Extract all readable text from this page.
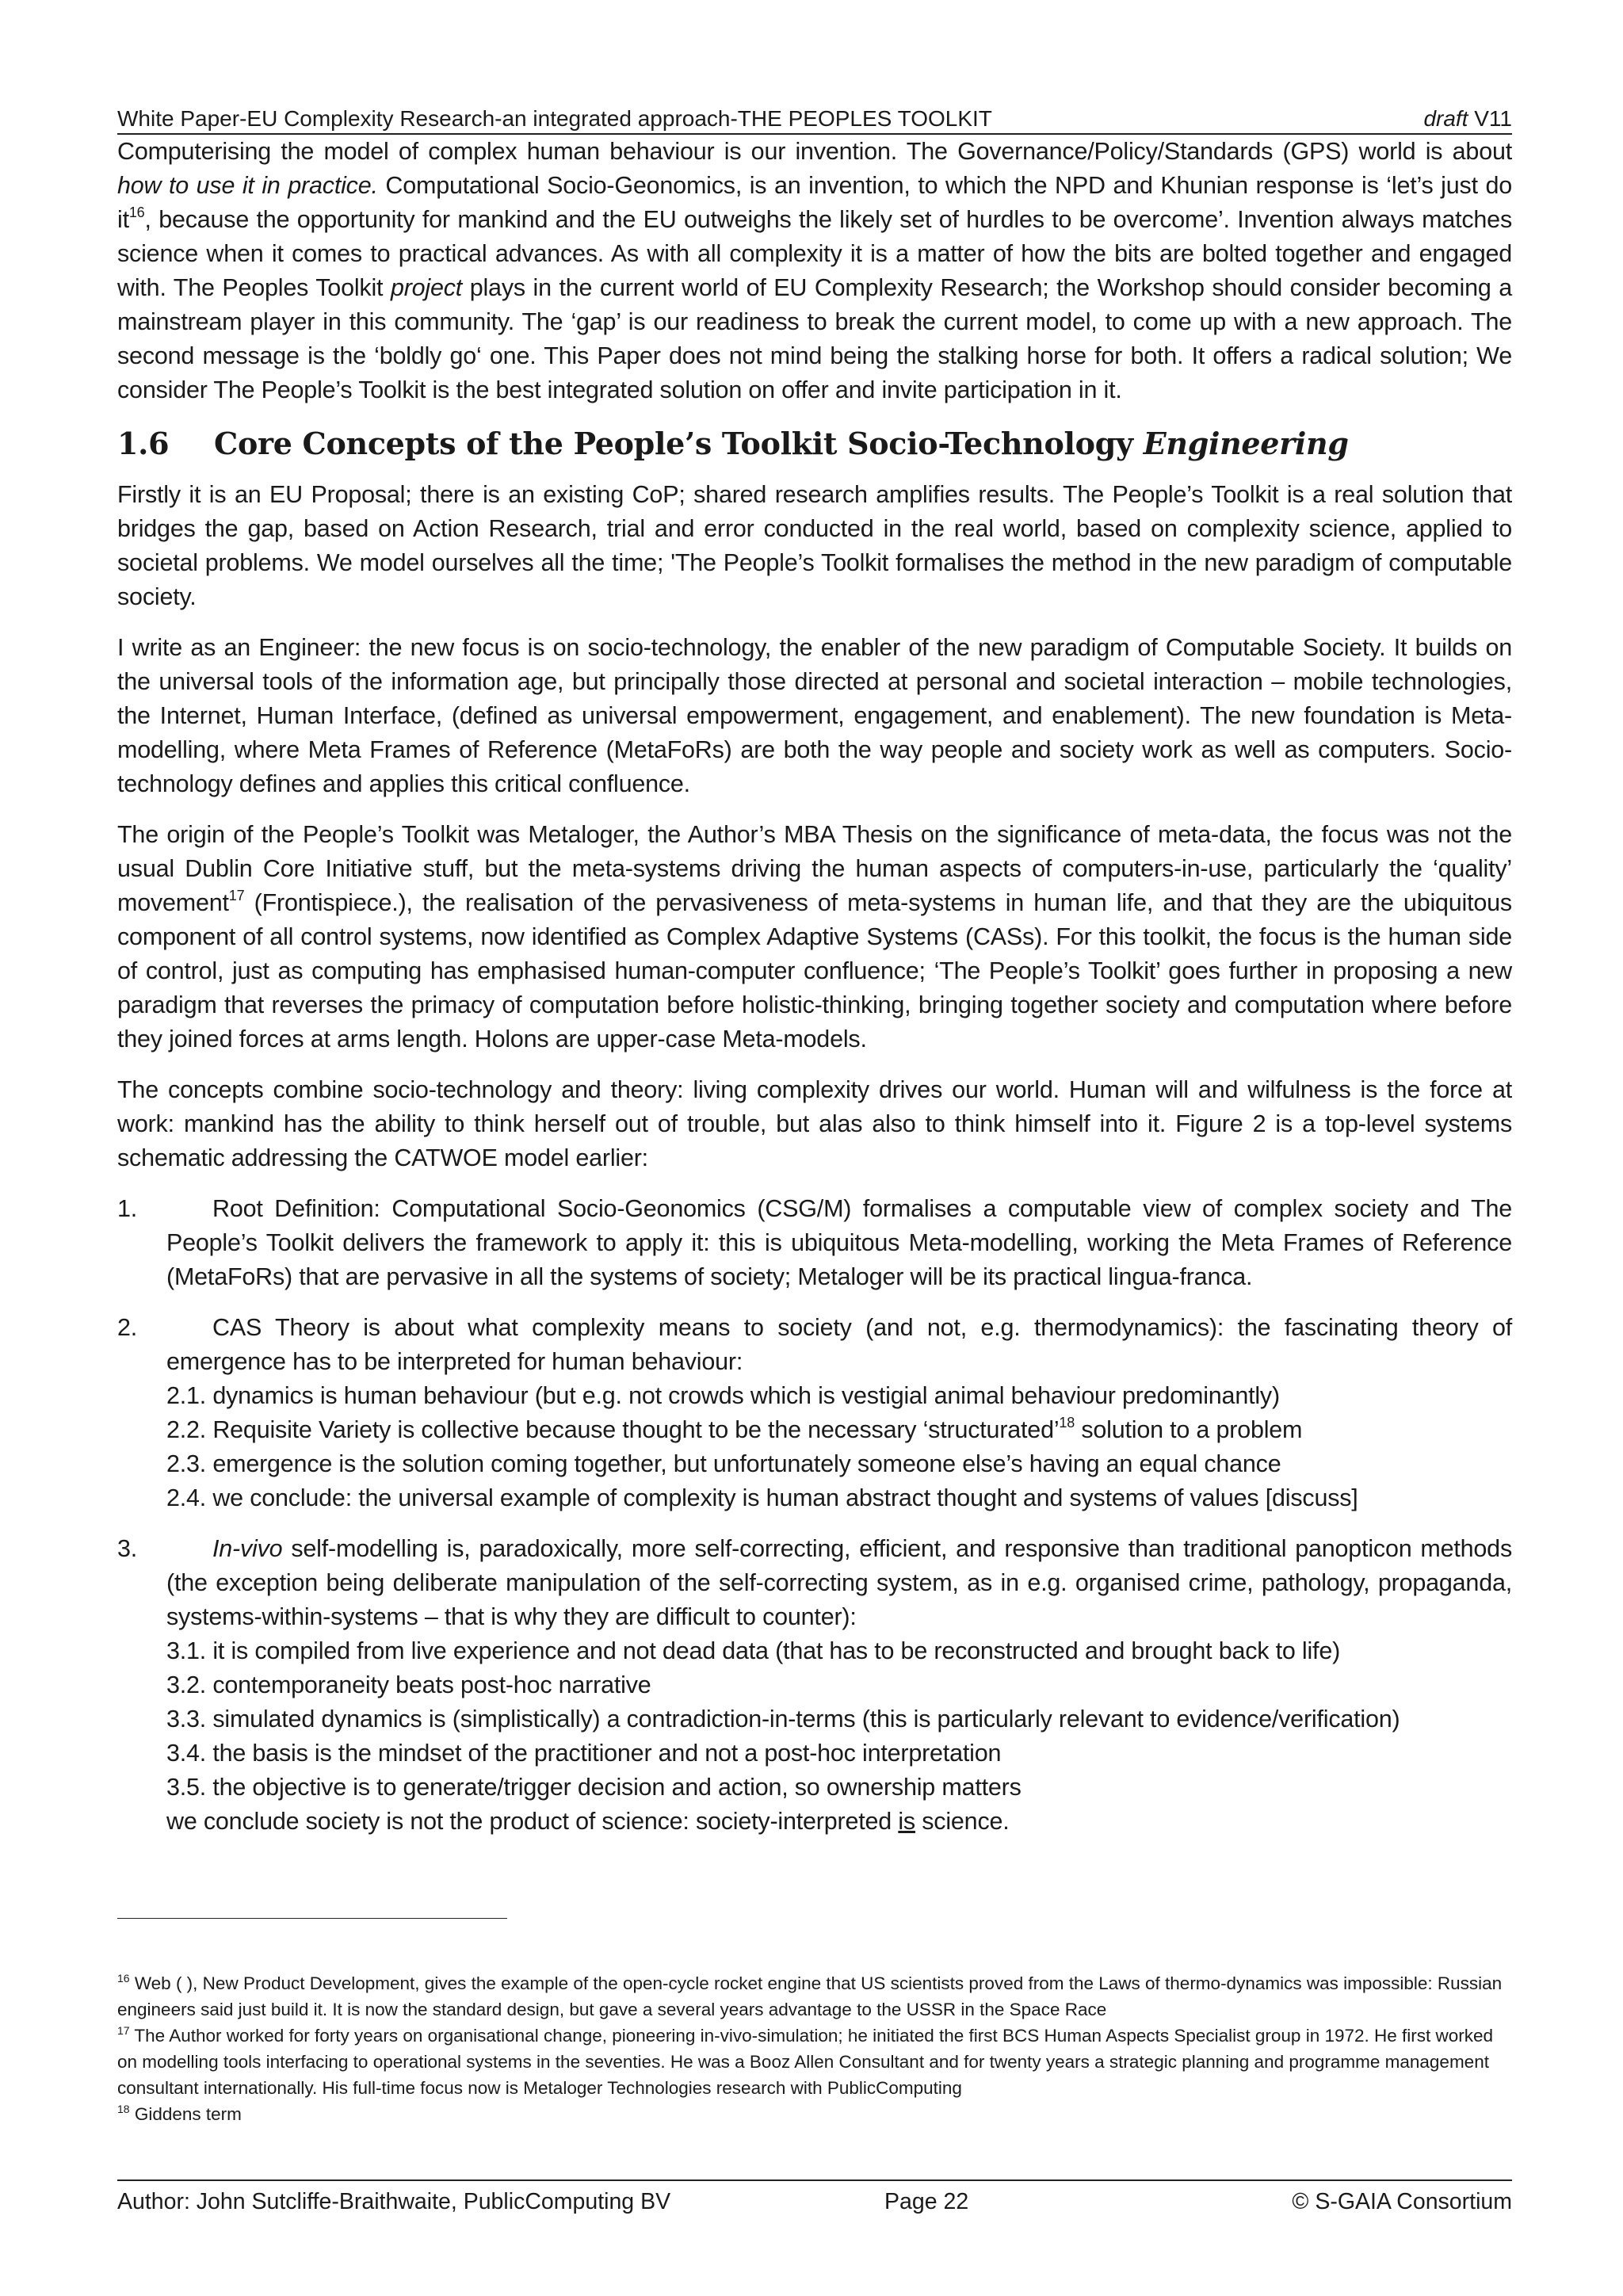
White Paper-EU Complexity Research-an integrated approach-THE PEOPLES TOOLKIT	draft V11

Computerising the model of complex human behaviour is our invention. The Governance/Policy/Standards (GPS) world is about how to use it in practice. Computational Socio-Geonomics, is an invention, to which the NPD and Khunian response is ‘let’s just do $it^{16}$, because the opportunity for mankind and the EU outweighs the likely set of hurdles to be overcome’. Invention always matches science when it comes to practical advances. As with all complexity it is a matter of how the bits are bolted together and engaged with. The Peoples Toolkit project plays in the current world of EU Complexity Research; the Workshop should consider becoming a mainstream player in this community. The ‘gap’ is our readiness to break the current model, to come up with a new approach. The second message is the ‘boldly go‘ one. This Paper does not mind being the stalking horse for both. It offers a radical solution; We consider The People’s Toolkit is the best integrated solution on offer and invite participation in it.

1.6 Core Concepts of the People’s Toolkit Socio-Technology Engineering

Firstly it is an EU Proposal; there is an existing CoP; shared research amplifies results. The People’s Toolkit is a real solution that bridges the gap, based on Action Research, trial and error conducted in the real world, based on complexity science, applied to societal problems. We model ourselves all the time; 'The People’s Toolkit formalises the method in the new paradigm of computable society.

I write as an Engineer: the new focus is on socio-technology, the enabler of the new paradigm of Computable Society. It builds on the universal tools of the information age, but principally those directed at personal and societal interaction – mobile technologies, the Internet, Human Interface, (defined as universal empowerment, engagement, and enablement). The new foundation is Meta-modelling, where Meta Frames of Reference (MetaFoRs) are both the way people and society work as well as computers. Socio-technology defines and applies this critical confluence.

The origin of the People’s Toolkit was Metaloger, the Author’s MBA Thesis on the significance of meta-data, the focus was not the usual Dublin Core Initiative stuff, but the meta-systems driving the human aspects of computers-in-use, particularly the ‘quality’ movement$^{17}$ (Frontispiece.), the realisation of the pervasiveness of meta-systems in human life, and that they are the ubiquitous component of all control systems, now identified as Complex Adaptive Systems (CASs). For this toolkit, the focus is the human side of control, just as computing has emphasised human-computer confluence; ‘The People’s Toolkit’ goes further in proposing a new paradigm that reverses the primacy of computation before holistic-thinking, bringing together society and computation where before they joined forces at arms length. Holons are upper-case Meta-models.

The concepts combine socio-technology and theory: living complexity drives our world. Human will and wilfulness is the force at work: mankind has the ability to think herself out of trouble, but alas also to think himself into it. Figure 2 is a top-level systems schematic addressing the CATWOE model earlier:

1.	Root Definition: Computational Socio-Geonomics (CSG/M) formalises a computable view of complex society and The People’s Toolkit delivers the framework to apply it: this is ubiquitous Meta-modelling, working the Meta Frames of Reference (MetaFoRs) that are pervasive in all the systems of society; Metaloger will be its practical lingua-franca.
2.	CAS Theory is about what complexity means to society (and not, e.g. thermodynamics): the fascinating theory of emergence has to be interpreted for human behaviour:
2.1. dynamics is human behaviour (but e.g. not crowds which is vestigial animal behaviour predominantly)
2.2. Requisite Variety is collective because thought to be the necessary ‘structurated’$^{18}$ solution to a problem
2.3. emergence is the solution coming together, but unfortunately someone else’s having an equal chance
2.4. we conclude: the universal example of complexity is human abstract thought and systems of values [discuss]
3.	In-vivo self-modelling is, paradoxically, more self-correcting, efficient, and responsive than traditional panopticon methods (the exception being deliberate manipulation of the self-correcting system, as in e.g. organised crime, pathology, propaganda, systems-within-systems – that is why they are difficult to counter):
3.1. it is compiled from live experience and not dead data (that has to be reconstructed and brought back to life)
3.2. contemporaneity beats post-hoc narrative
3.3. simulated dynamics is (simplistically) a contradiction-in-terms (this is particularly relevant to evidence/verification)
3.4. the basis is the mindset of the practitioner and not a post-hoc interpretation
3.5. the objective is to generate/trigger decision and action, so ownership matters
we conclude society is not the product of science: society-interpreted is science.

$^{16}$ Web ( ), New Product Development, gives the example of the open-cycle rocket engine that US scientists proved from the Laws of thermo-dynamics was impossible: Russian engineers said just build it. It is now the standard design, but gave a several years advantage to the USSR in the Space Race

$^{17}$ The Author worked for forty years on organisational change, pioneering in-vivo-simulation; he initiated the first BCS Human Aspects Specialist group in 1972. He first worked on modelling tools interfacing to operational systems in the seventies. He was a Booz Allen Consultant and for twenty years a strategic planning and programme management consultant internationally. His full-time focus now is Metaloger Technologies research with PublicComputing

$^{18}$ Giddens term

Author: John Sutcliffe-Braithwaite, PublicComputing BV	Page 22	© S-GAIA Consortium
